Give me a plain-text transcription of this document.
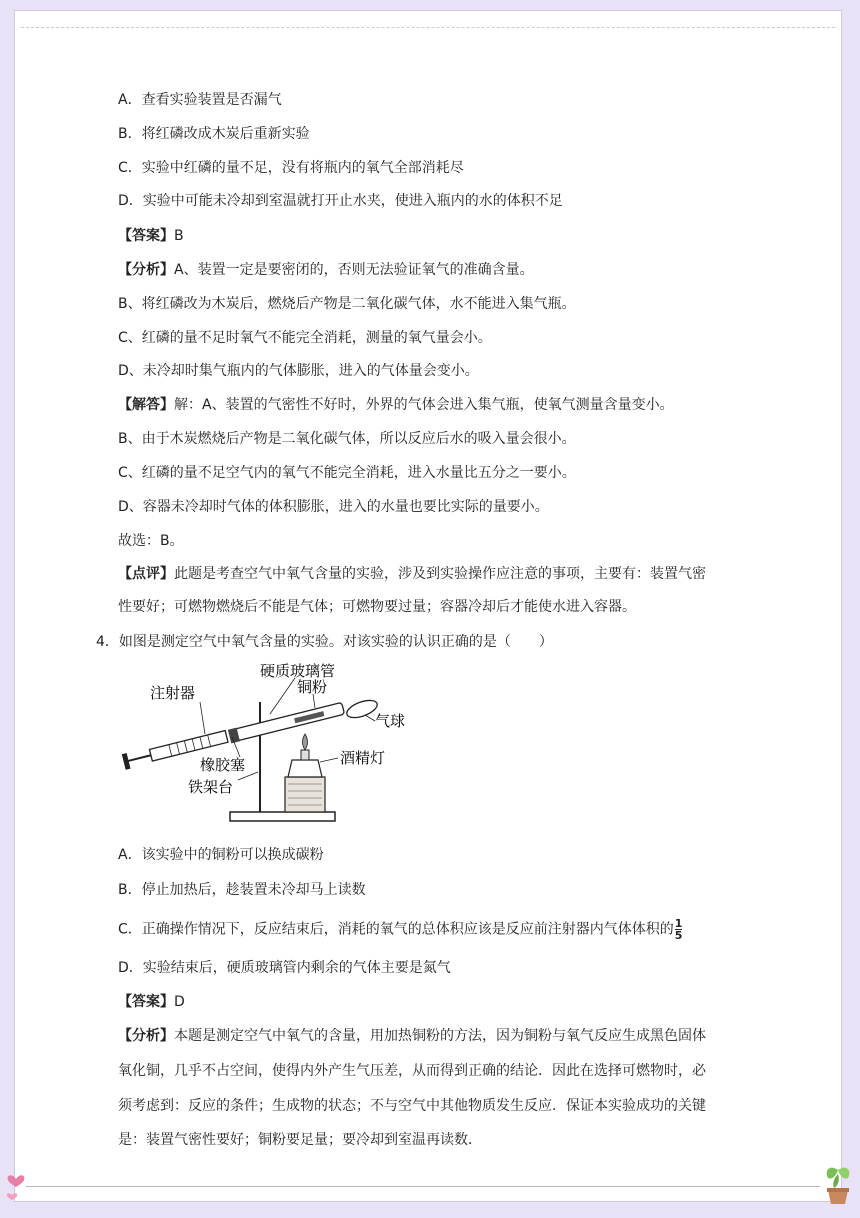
A．查看实验装置是否漏气
B．将红磷改成木炭后重新实验
C．实验中红磷的量不足，没有将瓶内的氧气全部消耗尽
D．实验中可能未冷却到室温就打开止水夹，使进入瓶内的水的体积不足
【答案】B
【分析】A、装置一定是要密闭的，否则无法验证氧气的准确含量。
B、将红磷改为木炭后，燃烧后产物是二氧化碳气体，水不能进入集气瓶。
C、红磷的量不足时氧气不能完全消耗，测量的氧气量会小。
D、未冷却时集气瓶内的气体膨胀，进入的气体量会变小。
【解答】解：A、装置的气密性不好时，外界的气体会进入集气瓶，使氧气测量含量变小。
B、由于木炭燃烧后产物是二氧化碳气体，所以反应后水的吸入量会很小。
C、红磷的量不足空气内的氧气不能完全消耗，进入水量比五分之一要小。
D、容器未冷却时气体的体积膨胀，进入的水量也要比实际的量要小。
故选：B。
【点评】此题是考查空气中氧气含量的实验，涉及到实验操作应注意的事项，主要有：装置气密
性要好；可燃物燃烧后不能是气体；可燃物要过量；容器冷却后才能使水进入容器。
4．如图是测定空气中氧气含量的实验。对该实验的认识正确的是（　　）
硬质玻璃管
铜粉
注射器
气球
橡胶塞	酒精灯
铁架台
A．该实验中的铜粉可以换成碳粉
B．停止加热后，趁装置未冷却马上读数
C．正确操作情况下，反应结束后，消耗的氧气的总体积应该是反应前注射器内气体体积的 $\frac{1}{5}$
D．实验结束后，硬质玻璃管内剩余的气体主要是氮气
【答案】D
【分析】本题是测定空气中氧气的含量，用加热铜粉的方法，因为铜粉与氧气反应生成黑色固体
氧化铜，几乎不占空间，使得内外产生气压差，从而得到正确的结论．因此在选择可燃物时，必
须考虑到：反应的条件；生成物的状态；不与空气中其他物质发生反应．保证本实验成功的关键
是：装置气密性要好；铜粉要足量；要冷却到室温再读数．
